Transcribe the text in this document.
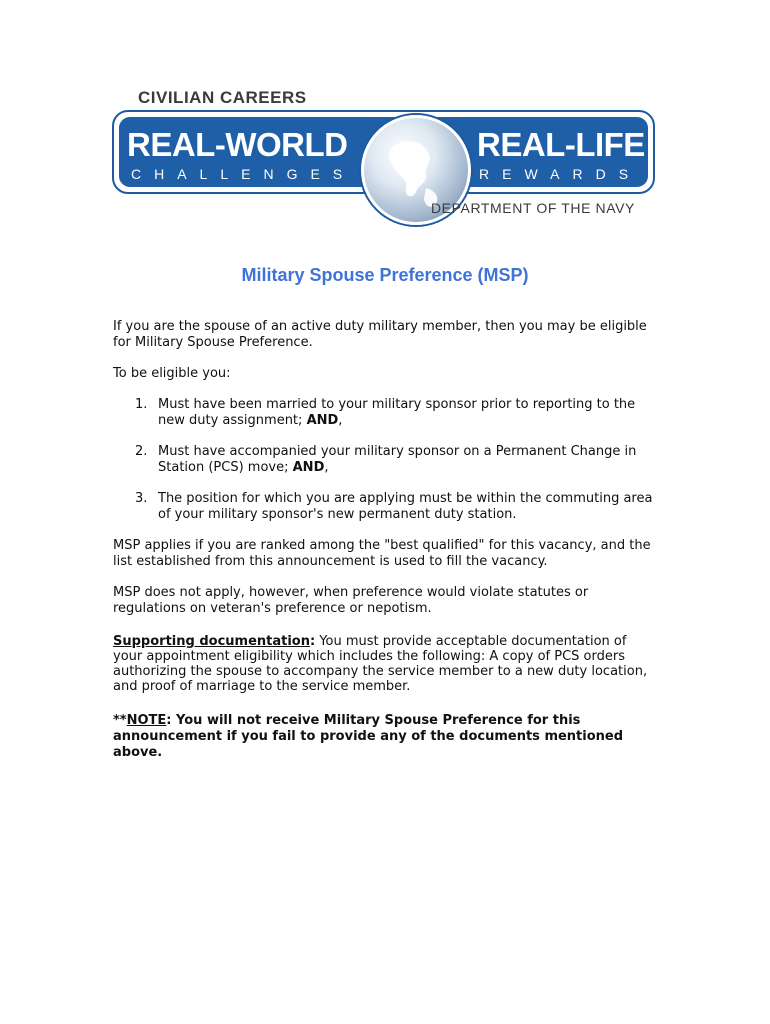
CIVILIAN CAREERS
REAL-WORLD
CHALLENGES
REAL-LIFE
REWARDS
DEPARTMENT OF THE NAVY
Military Spouse Preference (MSP)
If you are the spouse of an active duty military member, then you may be eligible for Military Spouse Preference.
To be eligible you:
1. Must have been married to your military sponsor prior to reporting to the new duty assignment; AND,
2. Must have accompanied your military sponsor on a Permanent Change in Station (PCS) move; AND,
3. The position for which you are applying must be within the commuting area of your military sponsor's new permanent duty station.
MSP applies if you are ranked among the "best qualified" for this vacancy, and the list established from this announcement is used to fill the vacancy.
MSP does not apply, however, when preference would violate statutes or regulations on veteran's preference or nepotism.
Supporting documentation: You must provide acceptable documentation of your appointment eligibility which includes the following: A copy of PCS orders authorizing the spouse to accompany the service member to a new duty location, and proof of marriage to the service member.
**NOTE: You will not receive Military Spouse Preference for this announcement if you fail to provide any of the documents mentioned above.
